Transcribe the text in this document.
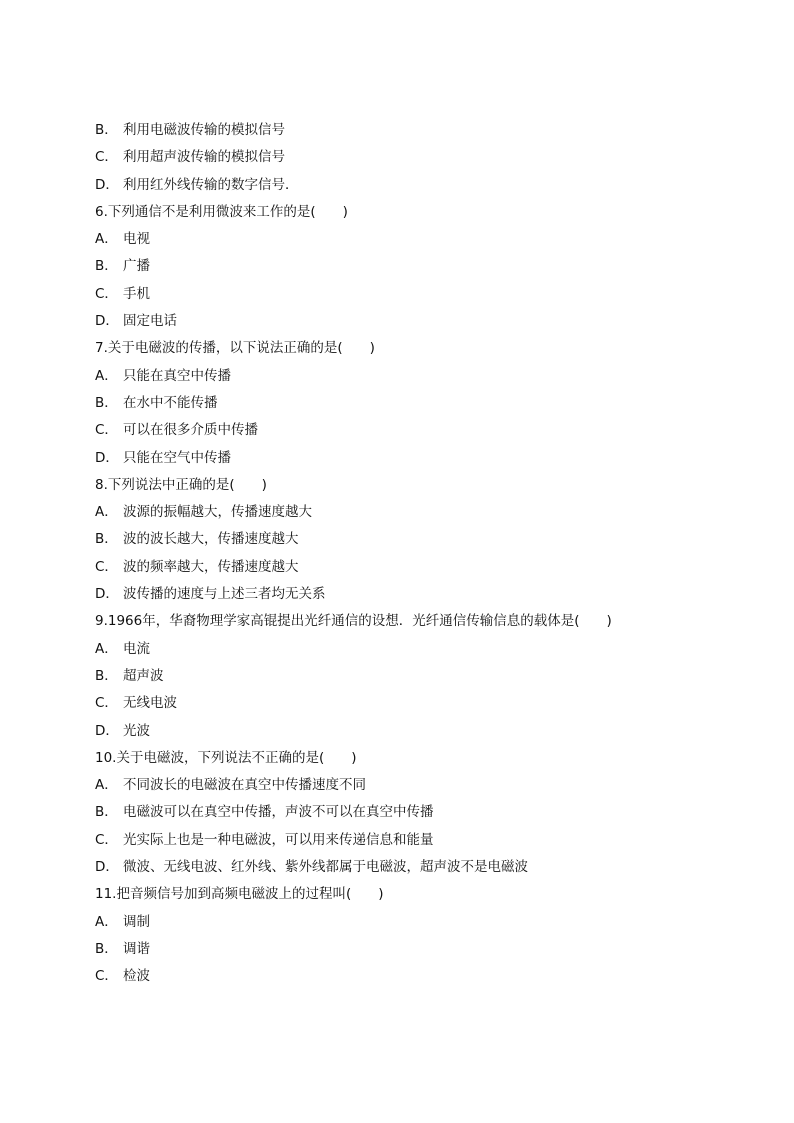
B． 利用电磁波传输的模拟信号
C． 利用超声波传输的模拟信号
D． 利用红外线传输的数字信号．
6.下列通信不是利用微波来工作的是(　　)
A． 电视
B． 广播
C． 手机
D． 固定电话
7.关于电磁波的传播，以下说法正确的是(　　)
A． 只能在真空中传播
B． 在水中不能传播
C． 可以在很多介质中传播
D． 只能在空气中传播
8.下列说法中正确的是(　　)
A． 波源的振幅越大，传播速度越大
B． 波的波长越大，传播速度越大
C． 波的频率越大，传播速度越大
D． 波传播的速度与上述三者均无关系
9.1966年，华裔物理学家高锟提出光纤通信的设想．光纤通信传输信息的载体是(　　)
A． 电流
B． 超声波
C． 无线电波
D． 光波
10.关于电磁波，下列说法不正确的是(　　)
A． 不同波长的电磁波在真空中传播速度不同
B． 电磁波可以在真空中传播，声波不可以在真空中传播
C． 光实际上也是一种电磁波，可以用来传递信息和能量
D． 微波、无线电波、红外线、紫外线都属于电磁波，超声波不是电磁波
11.把音频信号加到高频电磁波上的过程叫(　　)
A． 调制
B． 调谐
C． 检波
